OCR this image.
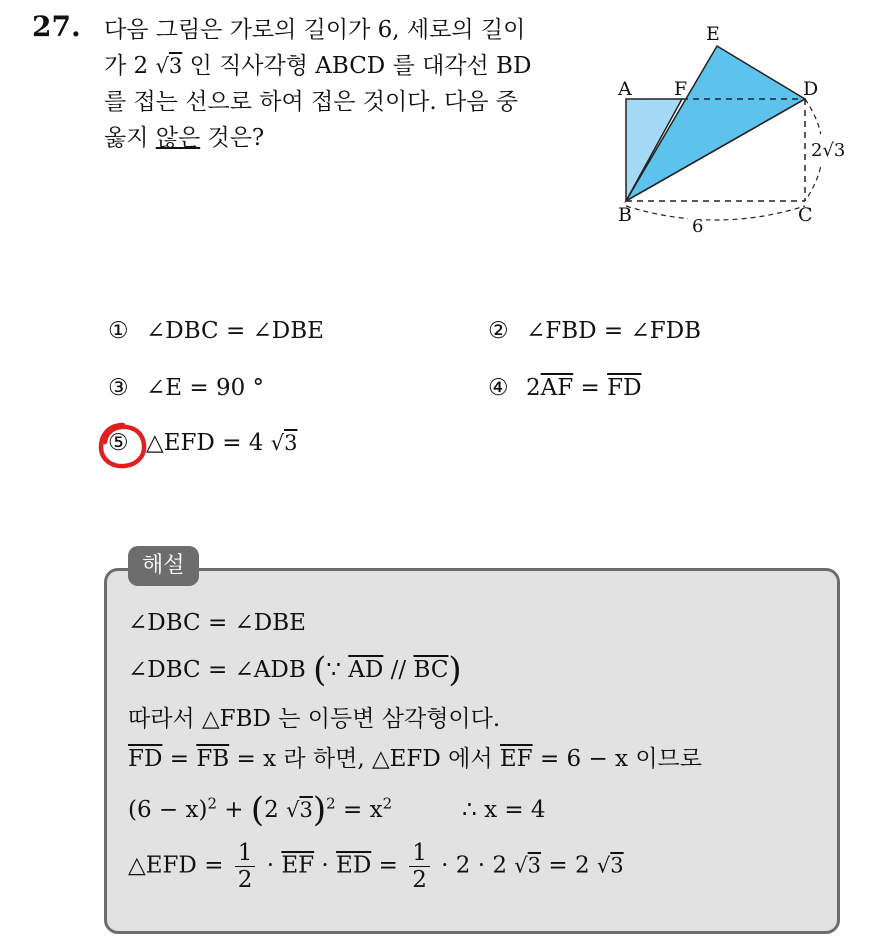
27. 다음 그림은 가로의 길이가 6, 세로의 길이
가 2 √3 인 직사각형 ABCD 를 대각선 BD
를 접는 선으로 하여 접은 것이다. 다음 중
옳지 않은 것은?
A F
E
D
B	C
6
2√3
① ∠DBC = ∠DBE	② ∠FBD = ∠FDB
③ ∠E = 90 °	④ $2\overline{AF} = \overline{FD}$
⑤ △EFD = 4 √3
해설
∠DBC = ∠DBE
∠DBC = ∠ADB (∵ $\overline{AD} // \overline{BC}$)
따라서 △FBD 는 이등변 삼각형이다.
$\overline{FD} = \overline{FB} = x$ 라 하면, △EFD 에서 $\overline{EF} = 6 - x$ 이므로
$(6 - x)^2 + (2$ $√3)^2 = x^2$	∴ x = 4
△EFD = $\frac{1}{2} \cdot \overline{EF} \cdot \overline{ED} = \frac{1}{2} \cdot 2 \cdot 2$ √3 = 2 √3
